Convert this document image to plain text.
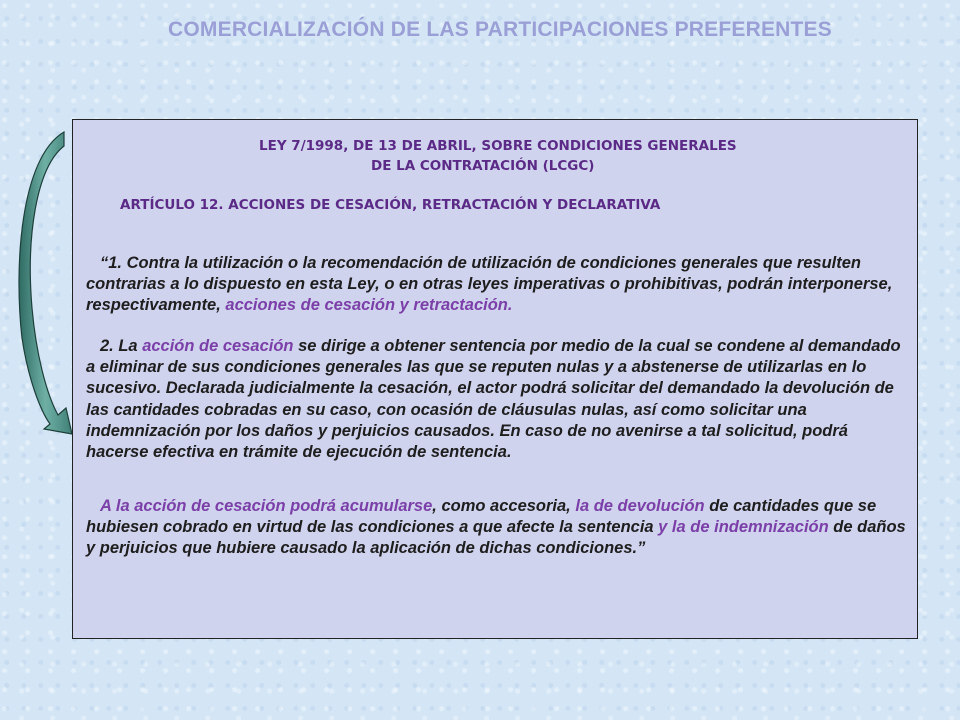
COMERCIALIZACIÓN DE LAS PARTICIPACIONES PREFERENTES
LEY 7/1998, DE 13 DE ABRIL, SOBRE CONDICIONES GENERALES
DE LA CONTRATACIÓN (LCGC)
ARTÍCULO 12. ACCIONES DE CESACIÓN, RETRACTACIÓN Y DECLARATIVA
“1. Contra la utilización o la recomendación de utilización de condiciones generales que resulten contrarias a lo dispuesto en esta Ley, o en otras leyes imperativas o prohibitivas, podrán interponerse, respectivamente, acciones de cesación y retractación.
2. La acción de cesación se dirige a obtener sentencia por medio de la cual se condene al demandado a eliminar de sus condiciones generales las que se reputen nulas y a abstenerse de utilizarlas en lo sucesivo. Declarada judicialmente la cesación, el actor podrá solicitar del demandado la devolución de las cantidades cobradas en su caso, con ocasión de cláusulas nulas, así como solicitar una indemnización por los daños y perjuicios causados. En caso de no avenirse a tal solicitud, podrá hacerse efectiva en trámite de ejecución de sentencia.
A la acción de cesación podrá acumularse, como accesoria, la de devolución de cantidades que se hubiesen cobrado en virtud de las condiciones a que afecte la sentencia y la de indemnización de daños y perjuicios que hubiere causado la aplicación de dichas condiciones.”
